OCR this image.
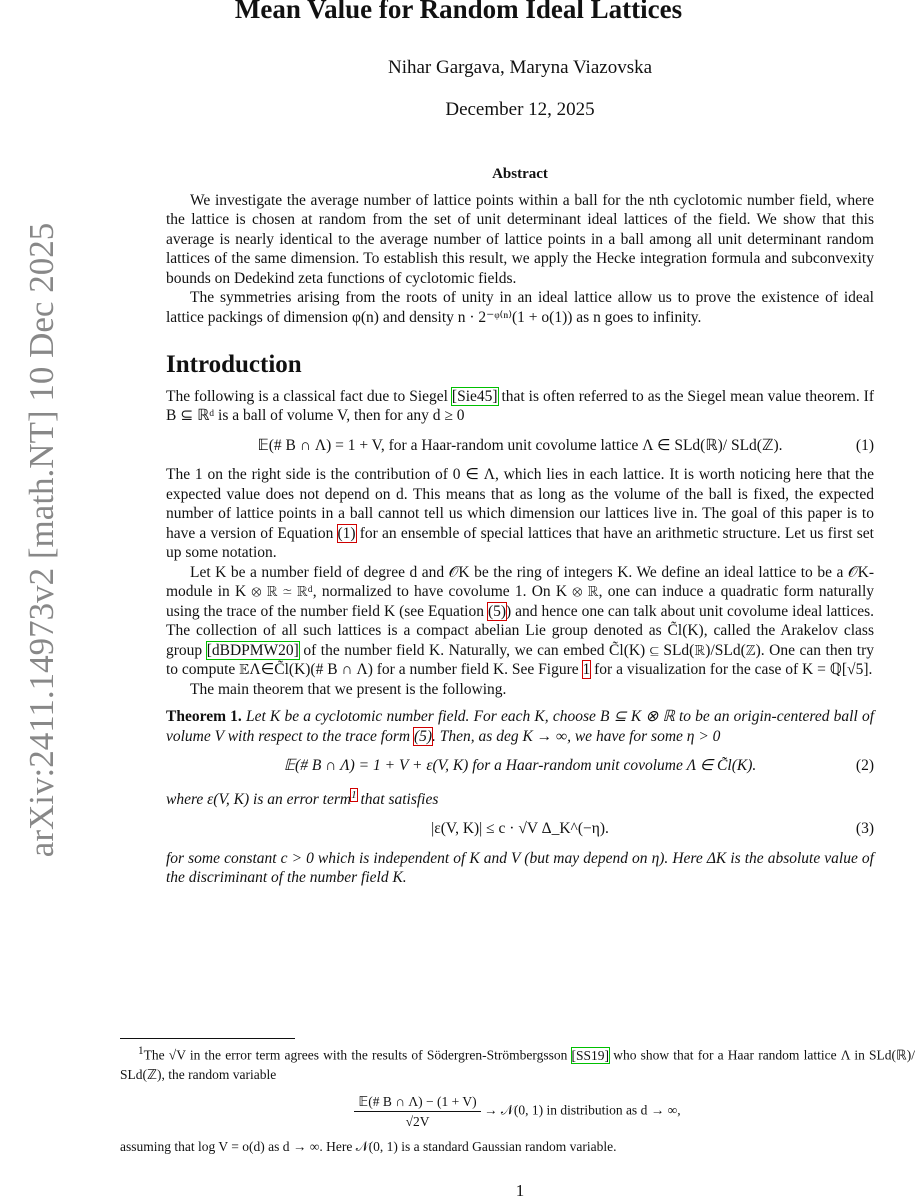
arXiv:2411.14973v2 [math.NT] 10 Dec 2025
Mean Value for Random Ideal Lattices
Nihar Gargava, Maryna Viazovska
December 12, 2025
Abstract

We investigate the average number of lattice points within a ball for the nth cyclotomic number field, where the lattice is chosen at random from the set of unit determinant ideal lattices of the field. We show that this average is nearly identical to the average number of lattice points in a ball among all unit determinant random lattices of the same dimension. To establish this result, we apply the Hecke integration formula and subconvexity bounds on Dedekind zeta functions of cyclotomic fields.

The symmetries arising from the roots of unity in an ideal lattice allow us to prove the existence of ideal lattice packings of dimension φ(n) and density n · 2⁻ᵠ⁽ⁿ⁾(1 + o(1)) as n goes to infinity.

Introduction

The following is a classical fact due to Siegel [Sie45] that is often referred to as the Siegel mean value theorem. If B ⊆ ℝᵈ is a ball of volume V, then for any d ≥ 0

𝔼(# B ∩ Λ) = 1 + V, for a Haar-random unit covolume lattice Λ ∈ SLd(ℝ)/ SLd(ℤ).	(1)

The 1 on the right side is the contribution of 0 ∈ Λ, which lies in each lattice. It is worth noticing here that the expected value does not depend on d. This means that as long as the volume of the ball is fixed, the expected number of lattice points in a ball cannot tell us which dimension our lattices live in. The goal of this paper is to have a version of Equation (1) for an ensemble of special lattices that have an arithmetic structure. Let us first set up some notation.

Let K be a number field of degree d and 𝒪K be the ring of integers K. We define an ideal lattice to be a 𝒪K-module in K ⊗ ℝ ≃ ℝᵈ, normalized to have covolume 1. On K ⊗ ℝ, one can induce a quadratic form naturally using the trace of the number field K (see Equation (5)) and hence one can talk about unit covolume ideal lattices. The collection of all such lattices is a compact abelian Lie group denoted as C̃l(K), called the Arakelov class group [dBDPMW20] of the number field K. Naturally, we can embed C̃l(K) ⊆ SLd(ℝ)/SLd(ℤ). One can then try to compute 𝔼Λ∈C̃l(K)(# B ∩ Λ) for a number field K. See Figure 1 for a visualization for the case of K = ℚ[√5].

The main theorem that we present is the following.

Theorem 1. Let K be a cyclotomic number field. For each K, choose B ⊆ K ⊗ ℝ to be an origin-centered ball of volume V with respect to the trace form (5). Then, as deg K → ∞, we have for some η > 0

𝔼(# B ∩ Λ) = 1 + V + ε(V, K) for a Haar-random unit covolume Λ ∈ C̃l(K).	(2)

where ε(V, K) is an error term$^1$ that satisfies

|ε(V, K)| ≤ c · √V Δ_K^(−η).	(3)

for some constant c > 0 which is independent of K and V (but may depend on η). Here ΔK is the absolute value of the discriminant of the number field K.

$^1$The √V in the error term agrees with the results of Södergren-Strömbergsson [SS19] who show that for a Haar random lattice Λ in SLd(ℝ)/ SLd(ℤ), the random variable

$\frac{\text{𝔼(\# B ∩ Λ) − (1 + V)}}{√2V}$ → 𝒩(0, 1) in distribution as d → ∞,

assuming that log V = o(d) as d → ∞. Here 𝒩(0, 1) is a standard Gaussian random variable.

1
